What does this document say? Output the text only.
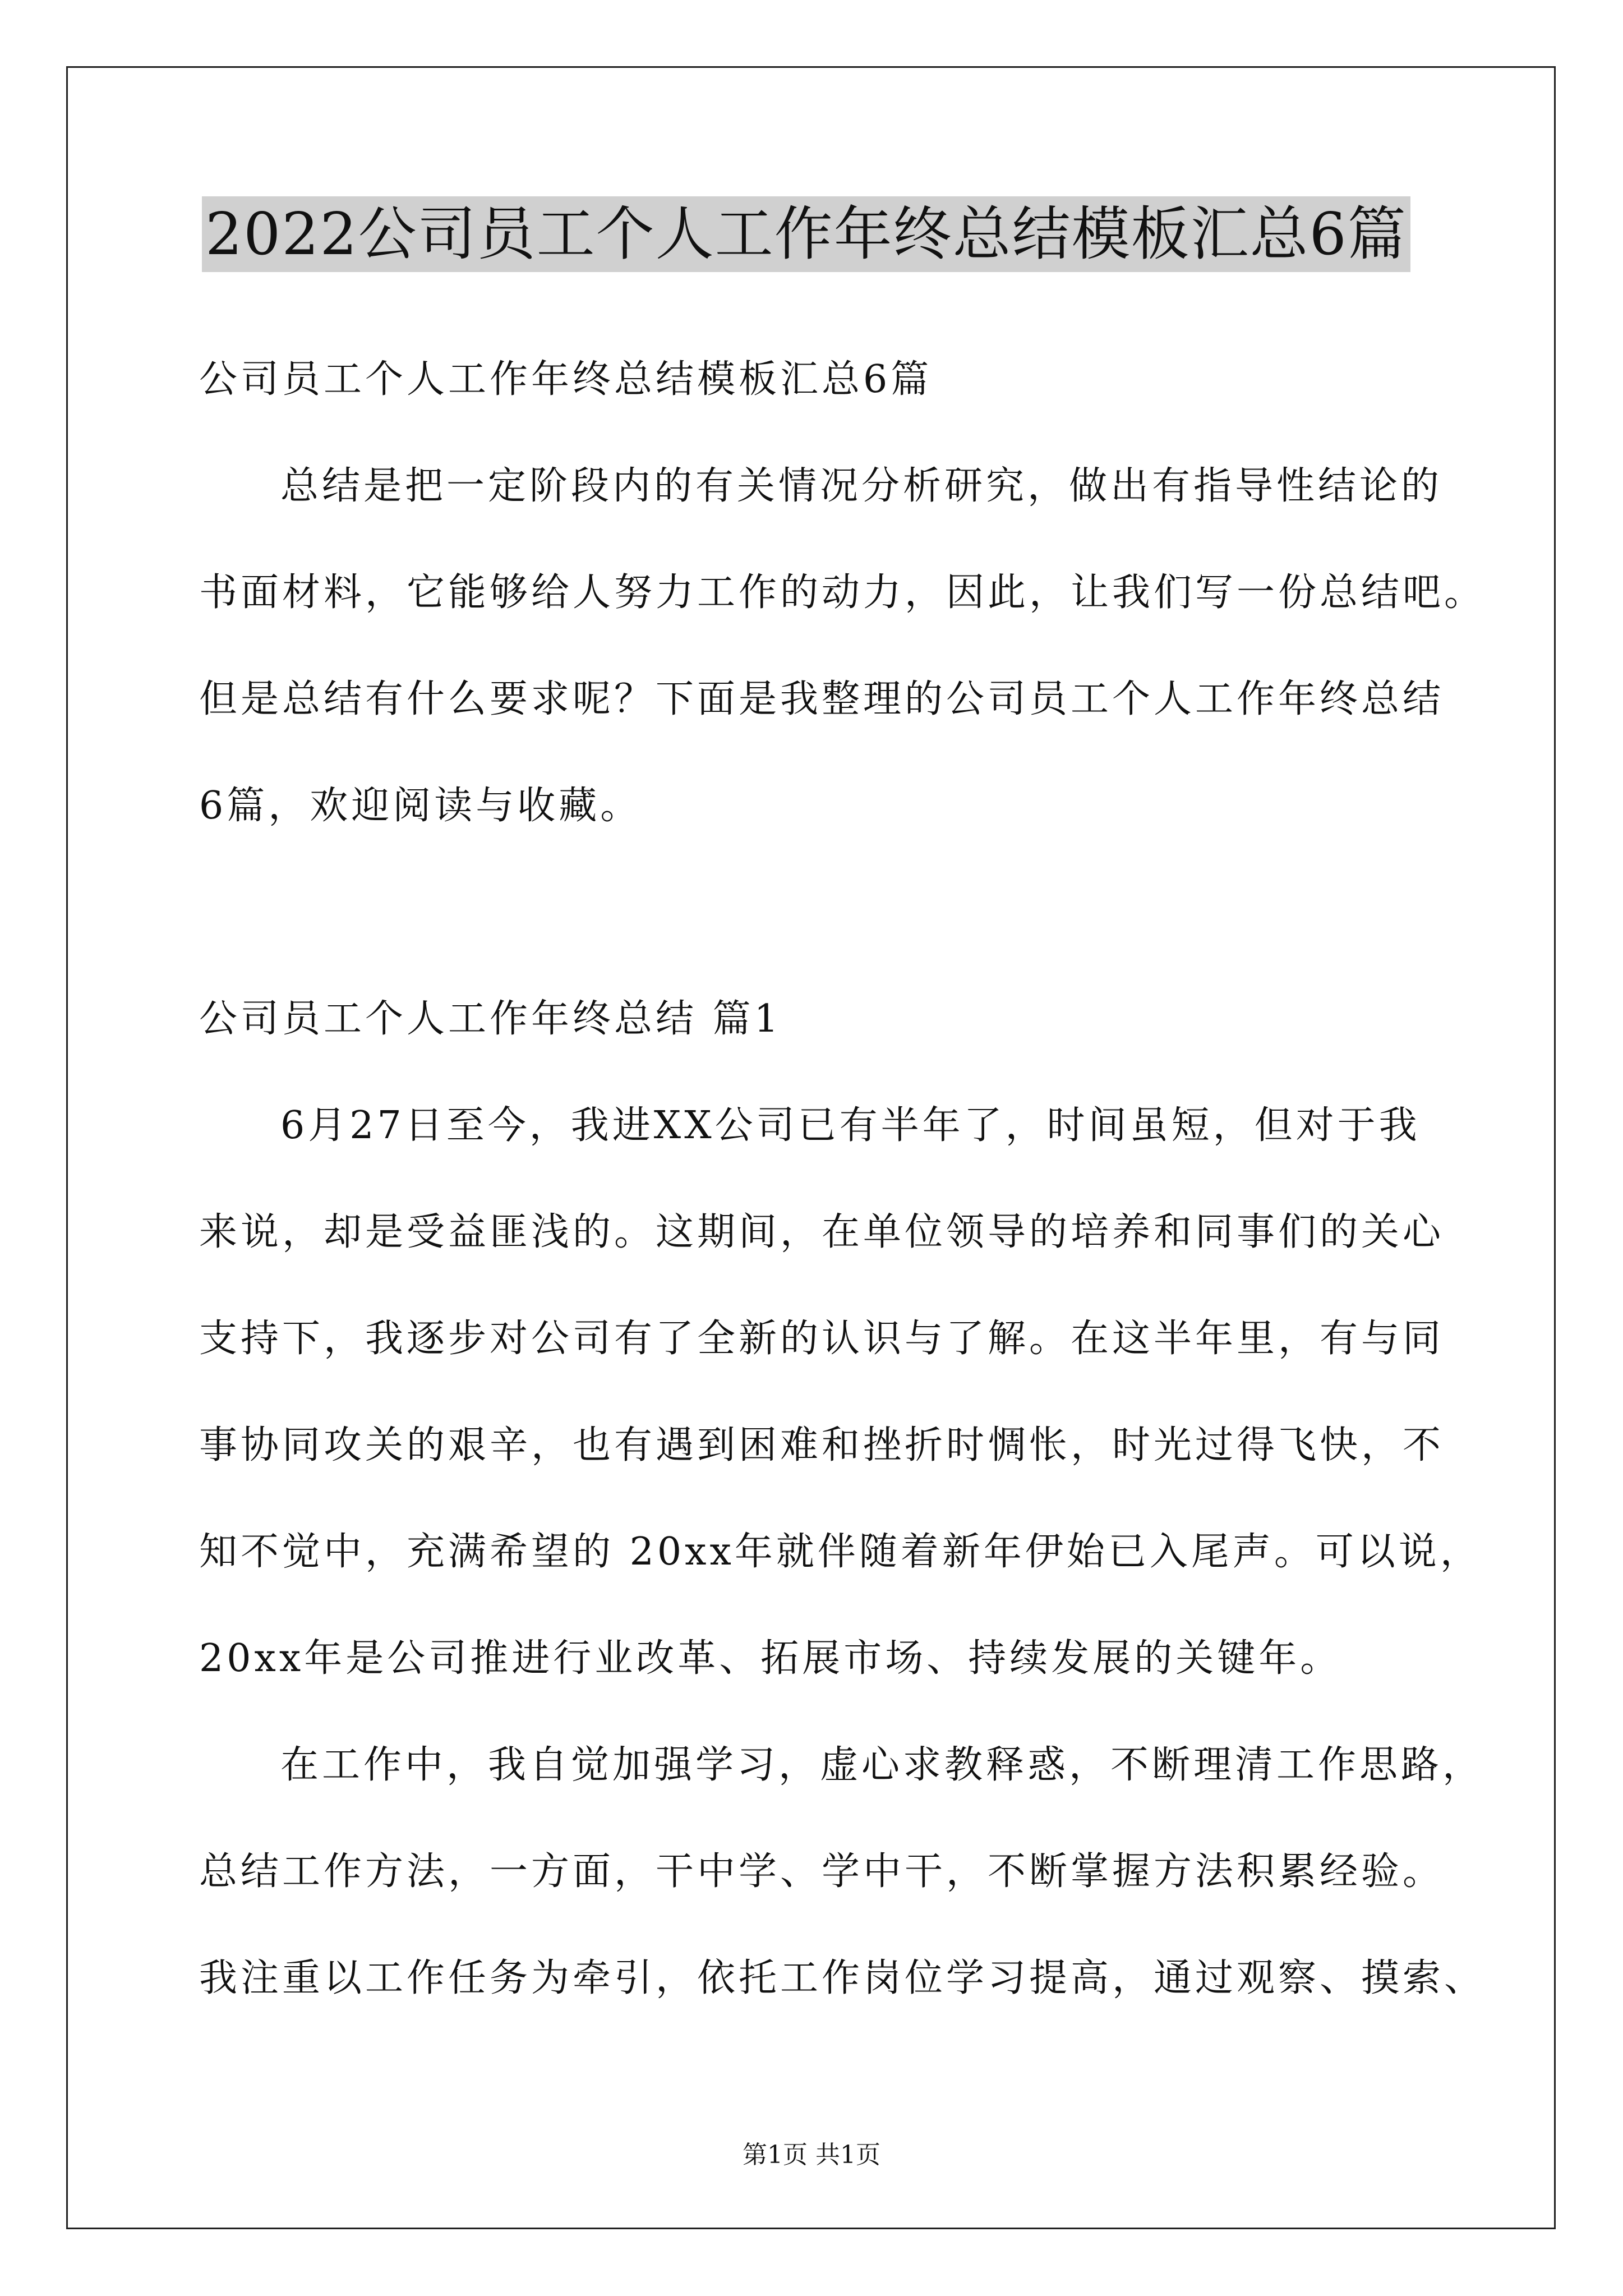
2022公司员工个人工作年终总结模板汇总6篇

公司员工个人工作年终总结模板汇总6篇

总结是把一定阶段内的有关情况分析研究，做出有指导性结论的

书面材料，它能够给人努力工作的动力，因此，让我们写一份总结吧。

但是总结有什么要求呢？下面是我整理的公司员工个人工作年终总结

6篇，欢迎阅读与收藏。

公司员工个人工作年终总结 篇1

6月27日至今，我进XX公司已有半年了，时间虽短，但对于我

来说，却是受益匪浅的。这期间，在单位领导的培养和同事们的关心

支持下，我逐步对公司有了全新的认识与了解。在这半年里，有与同

事协同攻关的艰辛，也有遇到困难和挫折时惆怅，时光过得飞快，不

知不觉中，充满希望的 20xx年就伴随着新年伊始已入尾声。可以说，

20xx年是公司推进行业改革、拓展市场、持续发展的关键年。

在工作中，我自觉加强学习，虚心求教释惑，不断理清工作思路，

总结工作方法，一方面，干中学、学中干，不断掌握方法积累经验。

我注重以工作任务为牵引，依托工作岗位学习提高，通过观察、摸索、

第1页 共1页
